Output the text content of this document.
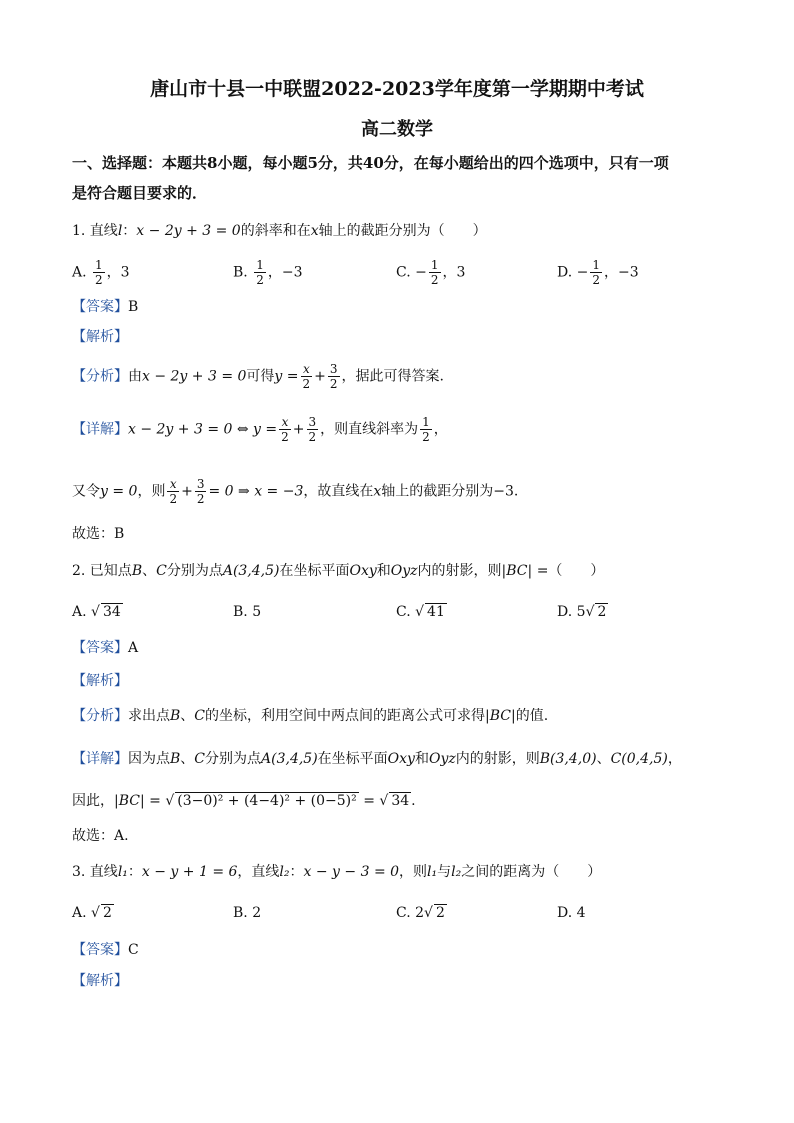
唐山市十县一中联盟2022-2023学年度第一学期期中考试
高二数学
一、选择题：本题共8小题，每小题5分，共40分，在每小题给出的四个选项中，只有一项
是符合题目要求的．
1. 直线l：x − 2y + 3 = 0的斜率和在x轴上的截距分别为（　　）
A. $\frac{1}{2}$ ，3	B. $\frac{1}{2}$ ，−3	C. − $\frac{1}{2}$ ，3	D. − $\frac{1}{2}$ ，−3
【答案】B
【解析】
【分析】由x − 2y + 3 = 0可得$y = \frac{x}{2} + \frac{3}{2}$ ，据此可得答案.
【详解】x − 2y + 3 = 0 ⇔ $y = \frac{x}{2} + \frac{3}{2}$ ，则直线斜率为 $\frac{1}{2}$ ，
又令y = 0，则 $\frac{x}{2} + \frac{3}{2} = 0$ ⇒ x = −3，故直线在x轴上的截距分别为−3.
故选：B
2. 已知点B、C分别为点A(3,4,5)在坐标平面Oxy和Oyz内的射影，则|BC| =（　　）
A. √ 34	B. 5	C. √ 41	D. 5√ 2
【答案】A
【解析】
【分析】求出点B、C的坐标，利用空间中两点间的距离公式可求得|BC|的值.
【详解】因为点B、C分别为点A(3,4,5)在坐标平面Oxy和Oyz内的射影，则B(3,4,0)、C(0,4,5)，
因此，|BC| = √ (3−0)² + (4−4)² + (0−5)² = √ 34 .
故选：A.
3. 直线l₁：x − y + 1 = 6，直线l₂：x − y − 3 = 0，则l₁与l₂之间的距离为（　　）
A. √ 2	B. 2	C. 2√ 2	D. 4
【答案】C
【解析】
